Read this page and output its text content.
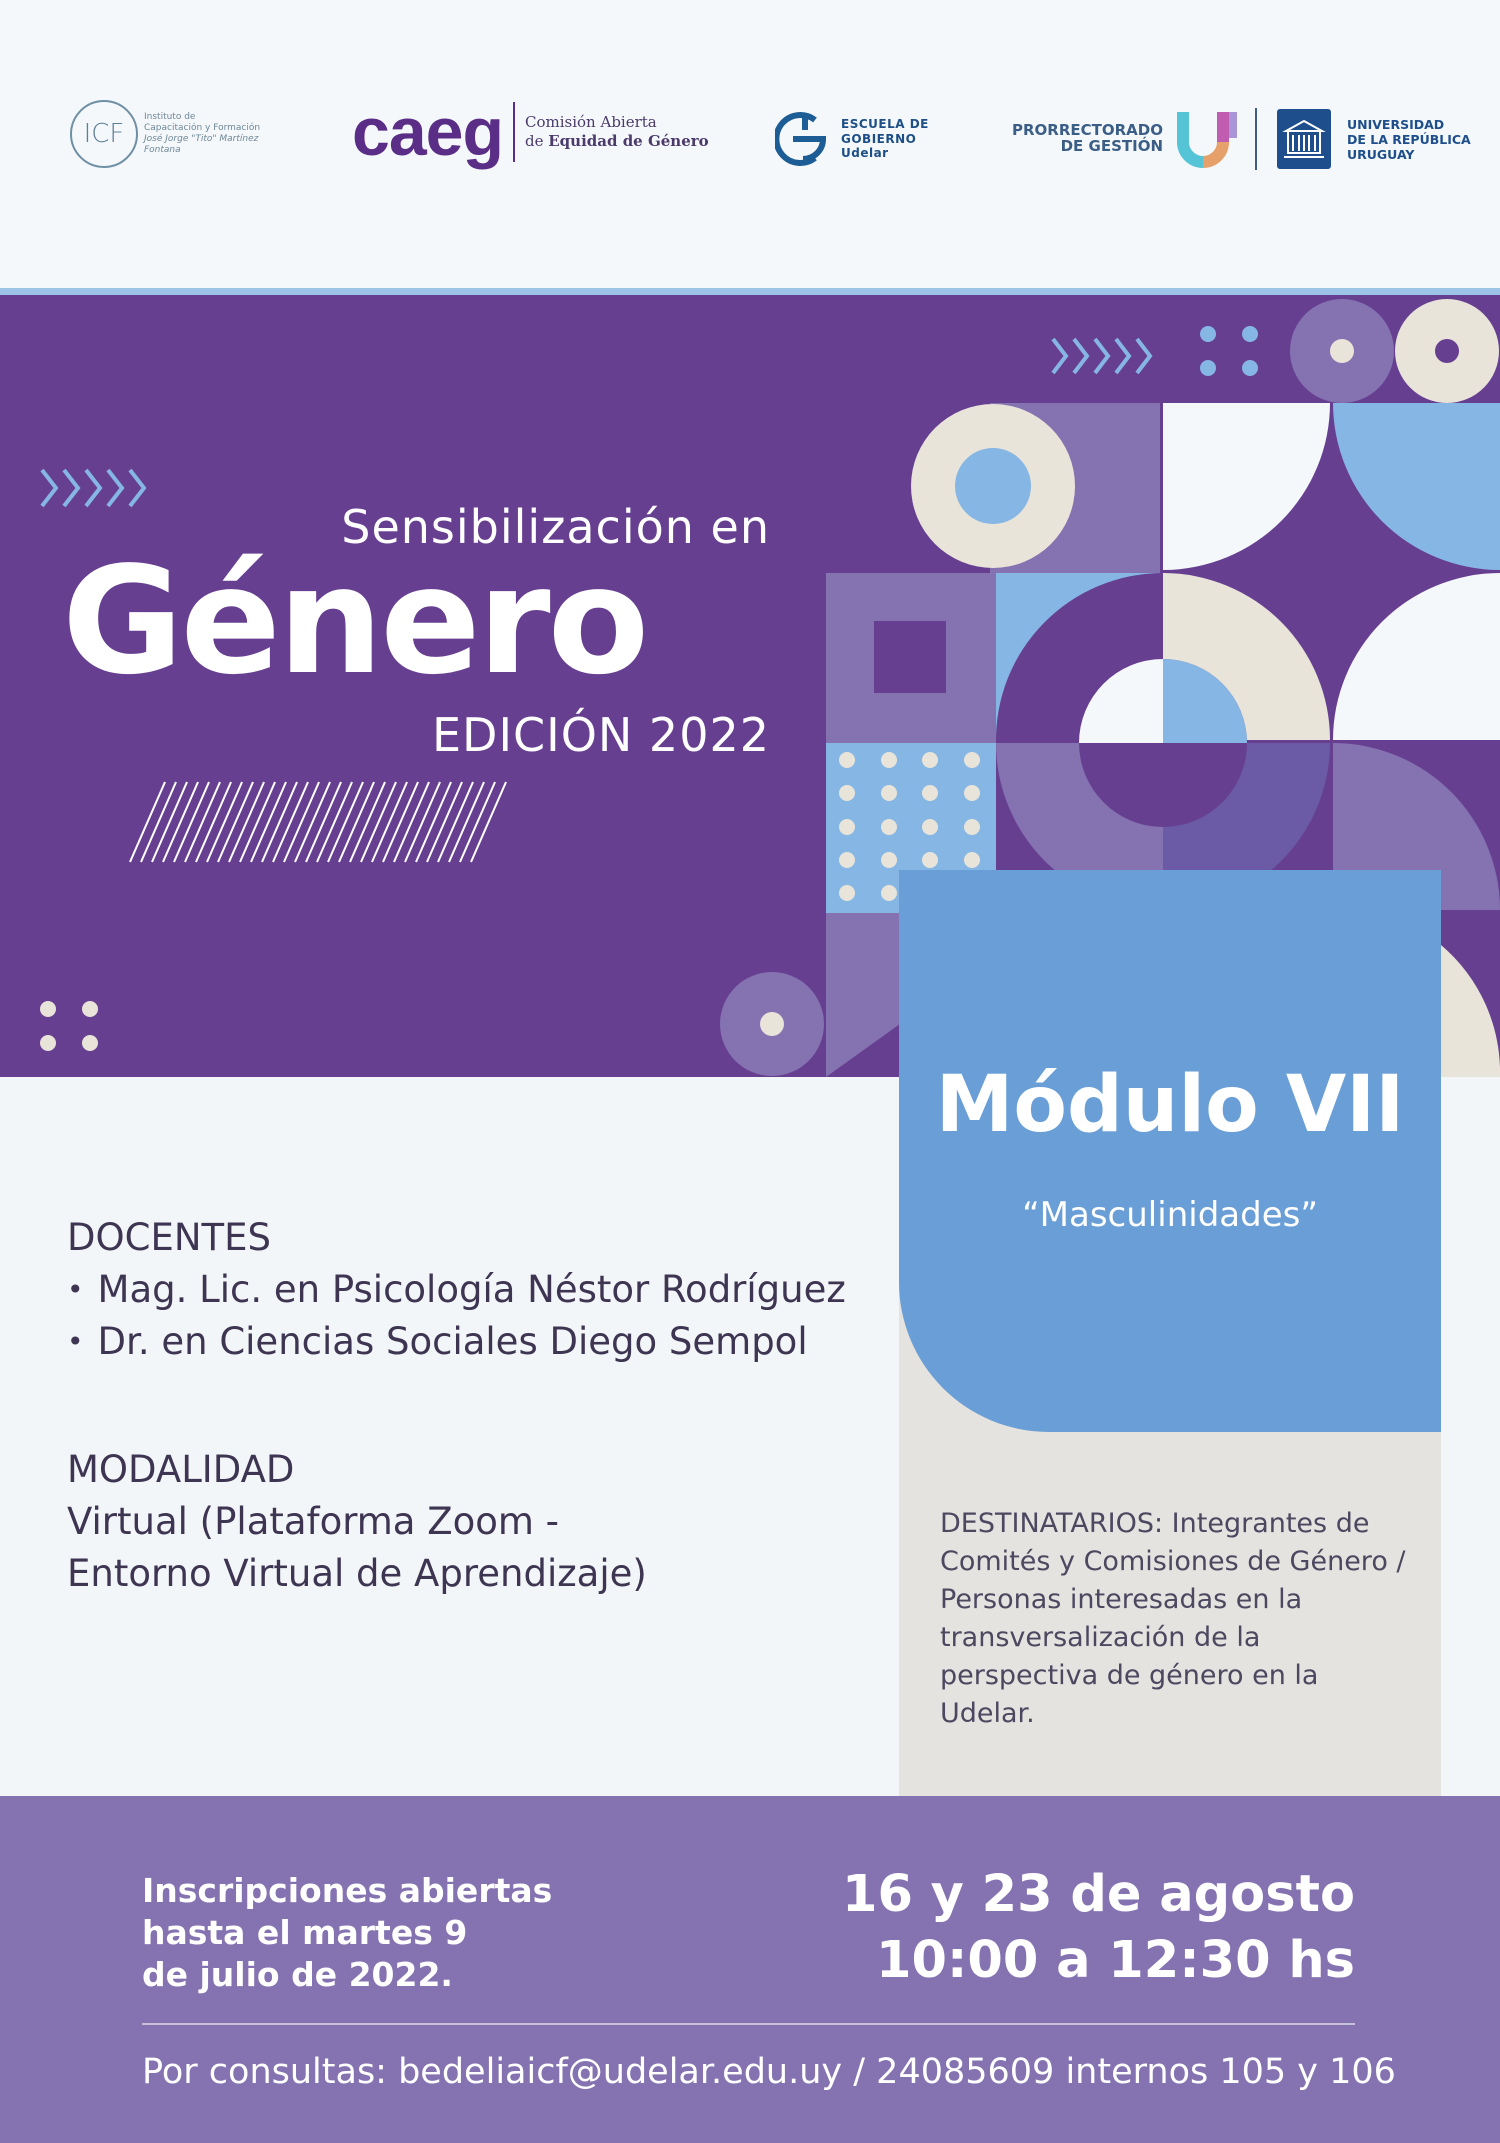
ICF
Instituto de
Capacitación y Formación
José Jorge "Tito" Martínez Fontana	caeg Comisión Abierta
de Equidad de Género
ESCUELA DE
GOBIERNO
Udelar
PRORRECTORADO
DE GESTIÓN
UNIVERSIDAD
DE LA REPÚBLICA
URUGUAY
Sensibilización en
Género
EDICIÓN 2022
Módulo VII
“Masculinidades”
DESTINATARIOS: Integrantes de Comités y Comisiones de Género / Personas interesadas en la transversalización de la perspectiva de género en la Udelar.
DOCENTES
• Mag. Lic. en Psicología Néstor Rodríguez
• Dr. en Ciencias Sociales Diego Sempol
MODALIDAD
Virtual (Plataforma Zoom -
Entorno Virtual de Aprendizaje)
Inscripciones abiertas
hasta el martes 9
de julio de 2022.
16 y 23 de agosto
10:00 a 12:30 hs
Por consultas: bedeliaicf@udelar.edu.uy / 24085609 internos 105 y 106
